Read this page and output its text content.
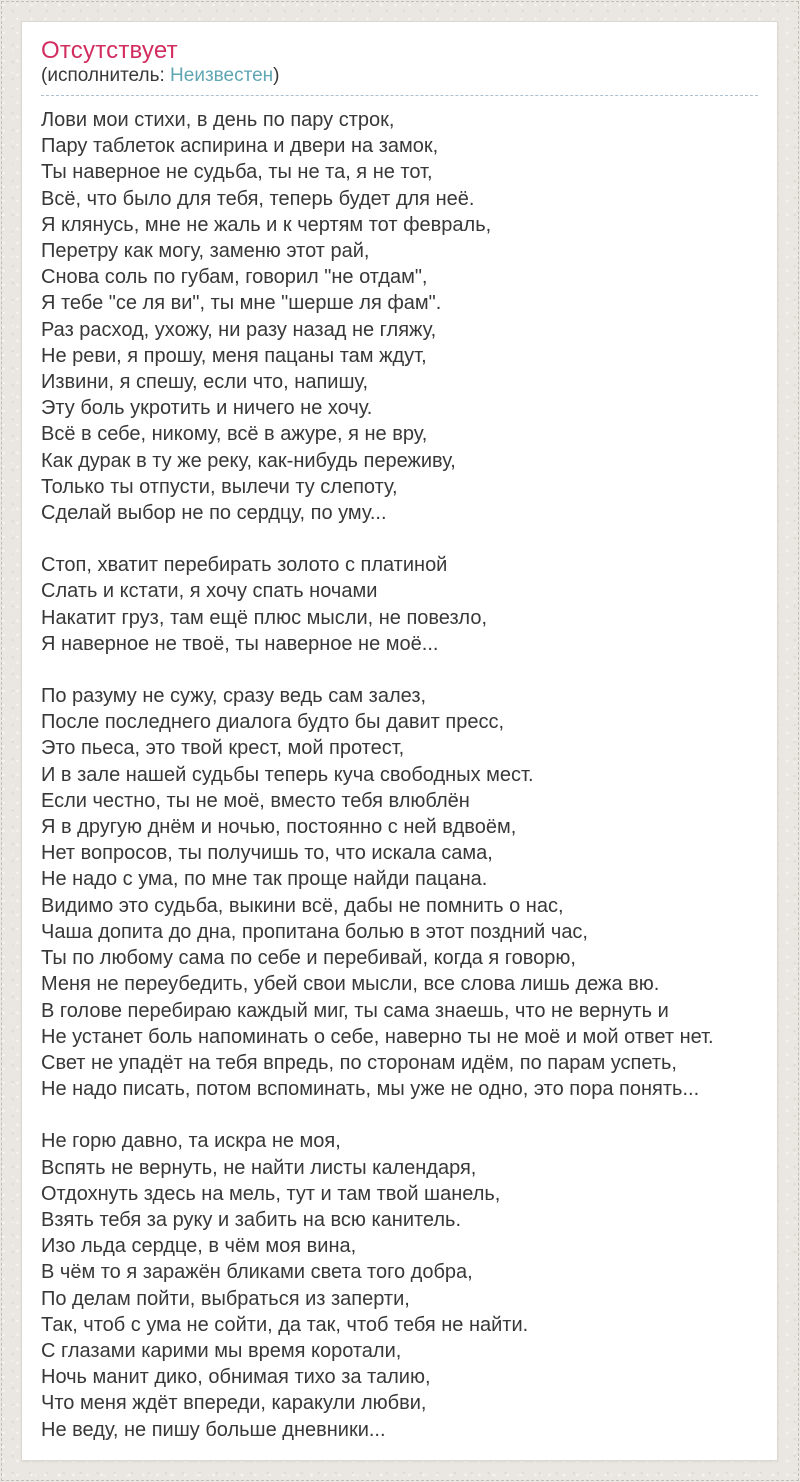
Отсутствует
(исполнитель: Неизвестен)

Лови мои стихи, в день по пару строк,
Пару таблеток аспирина и двери на замок,
Ты наверное не судьба, ты не та, я не тот,
Всё, что было для тебя, теперь будет для неё.
Я клянусь, мне не жаль и к чертям тот февраль,
Перетру как могу, заменю этот рай,
Снова соль по губам, говорил "не отдам",
Я тебе "се ля ви", ты мне "шерше ля фам".
Раз расход, ухожу, ни разу назад не гляжу,
Не реви, я прошу, меня пацаны там ждут,
Извини, я спешу, если что, напишу,
Эту боль укротить и ничего не хочу.
Всё в себе, никому, всё в ажуре, я не вру,
Как дурак в ту же реку, как-нибудь переживу,
Только ты отпусти, вылечи ту слепоту,
Сделай выбор не по сердцу, по уму...

Стоп, хватит перебирать золото с платиной
Слать и кстати, я хочу спать ночами
Накатит груз, там ещё плюс мысли, не повезло,
Я наверное не твоё, ты наверное не моё...

По разуму не сужу, сразу ведь сам залез,
После последнего диалога будто бы давит пресс,
Это пьеса, это твой крест, мой протест,
И в зале нашей судьбы теперь куча свободных мест.
Если честно, ты не моё, вместо тебя влюблён
Я в другую днём и ночью, постоянно с ней вдвоём,
Нет вопросов, ты получишь то, что искала сама,
Не надо с ума, по мне так проще найди пацана.
Видимо это судьба, выкини всё, дабы не помнить о нас,
Чаша допита до дна, пропитана болью в этот поздний час,
Ты по любому сама по себе и перебивай, когда я говорю,
Меня не переубедить, убей свои мысли, все слова лишь дежа вю.
В голове перебираю каждый миг, ты сама знаешь, что не вернуть и
Не устанет боль напоминать о себе, наверно ты не моё и мой ответ нет.
Свет не упадёт на тебя впредь, по сторонам идём, по парам успеть,
Не надо писать, потом вспоминать, мы уже не одно, это пора понять...

Не горю давно, та искра не моя,
Вспять не вернуть, не найти листы календаря,
Отдохнуть здесь на мель, тут и там твой шанель,
Взять тебя за руку и забить на всю канитель.
Изо льда сердце, в чём моя вина,
В чём то я заражён бликами света того добра,
По делам пойти, выбраться из заперти,
Так, чтоб с ума не сойти, да так, чтоб тебя не найти.
С глазами карими мы время коротали,
Ночь манит дико, обнимая тихо за талию,
Что меня ждёт впереди, каракули любви,
Не веду, не пишу больше дневники...
